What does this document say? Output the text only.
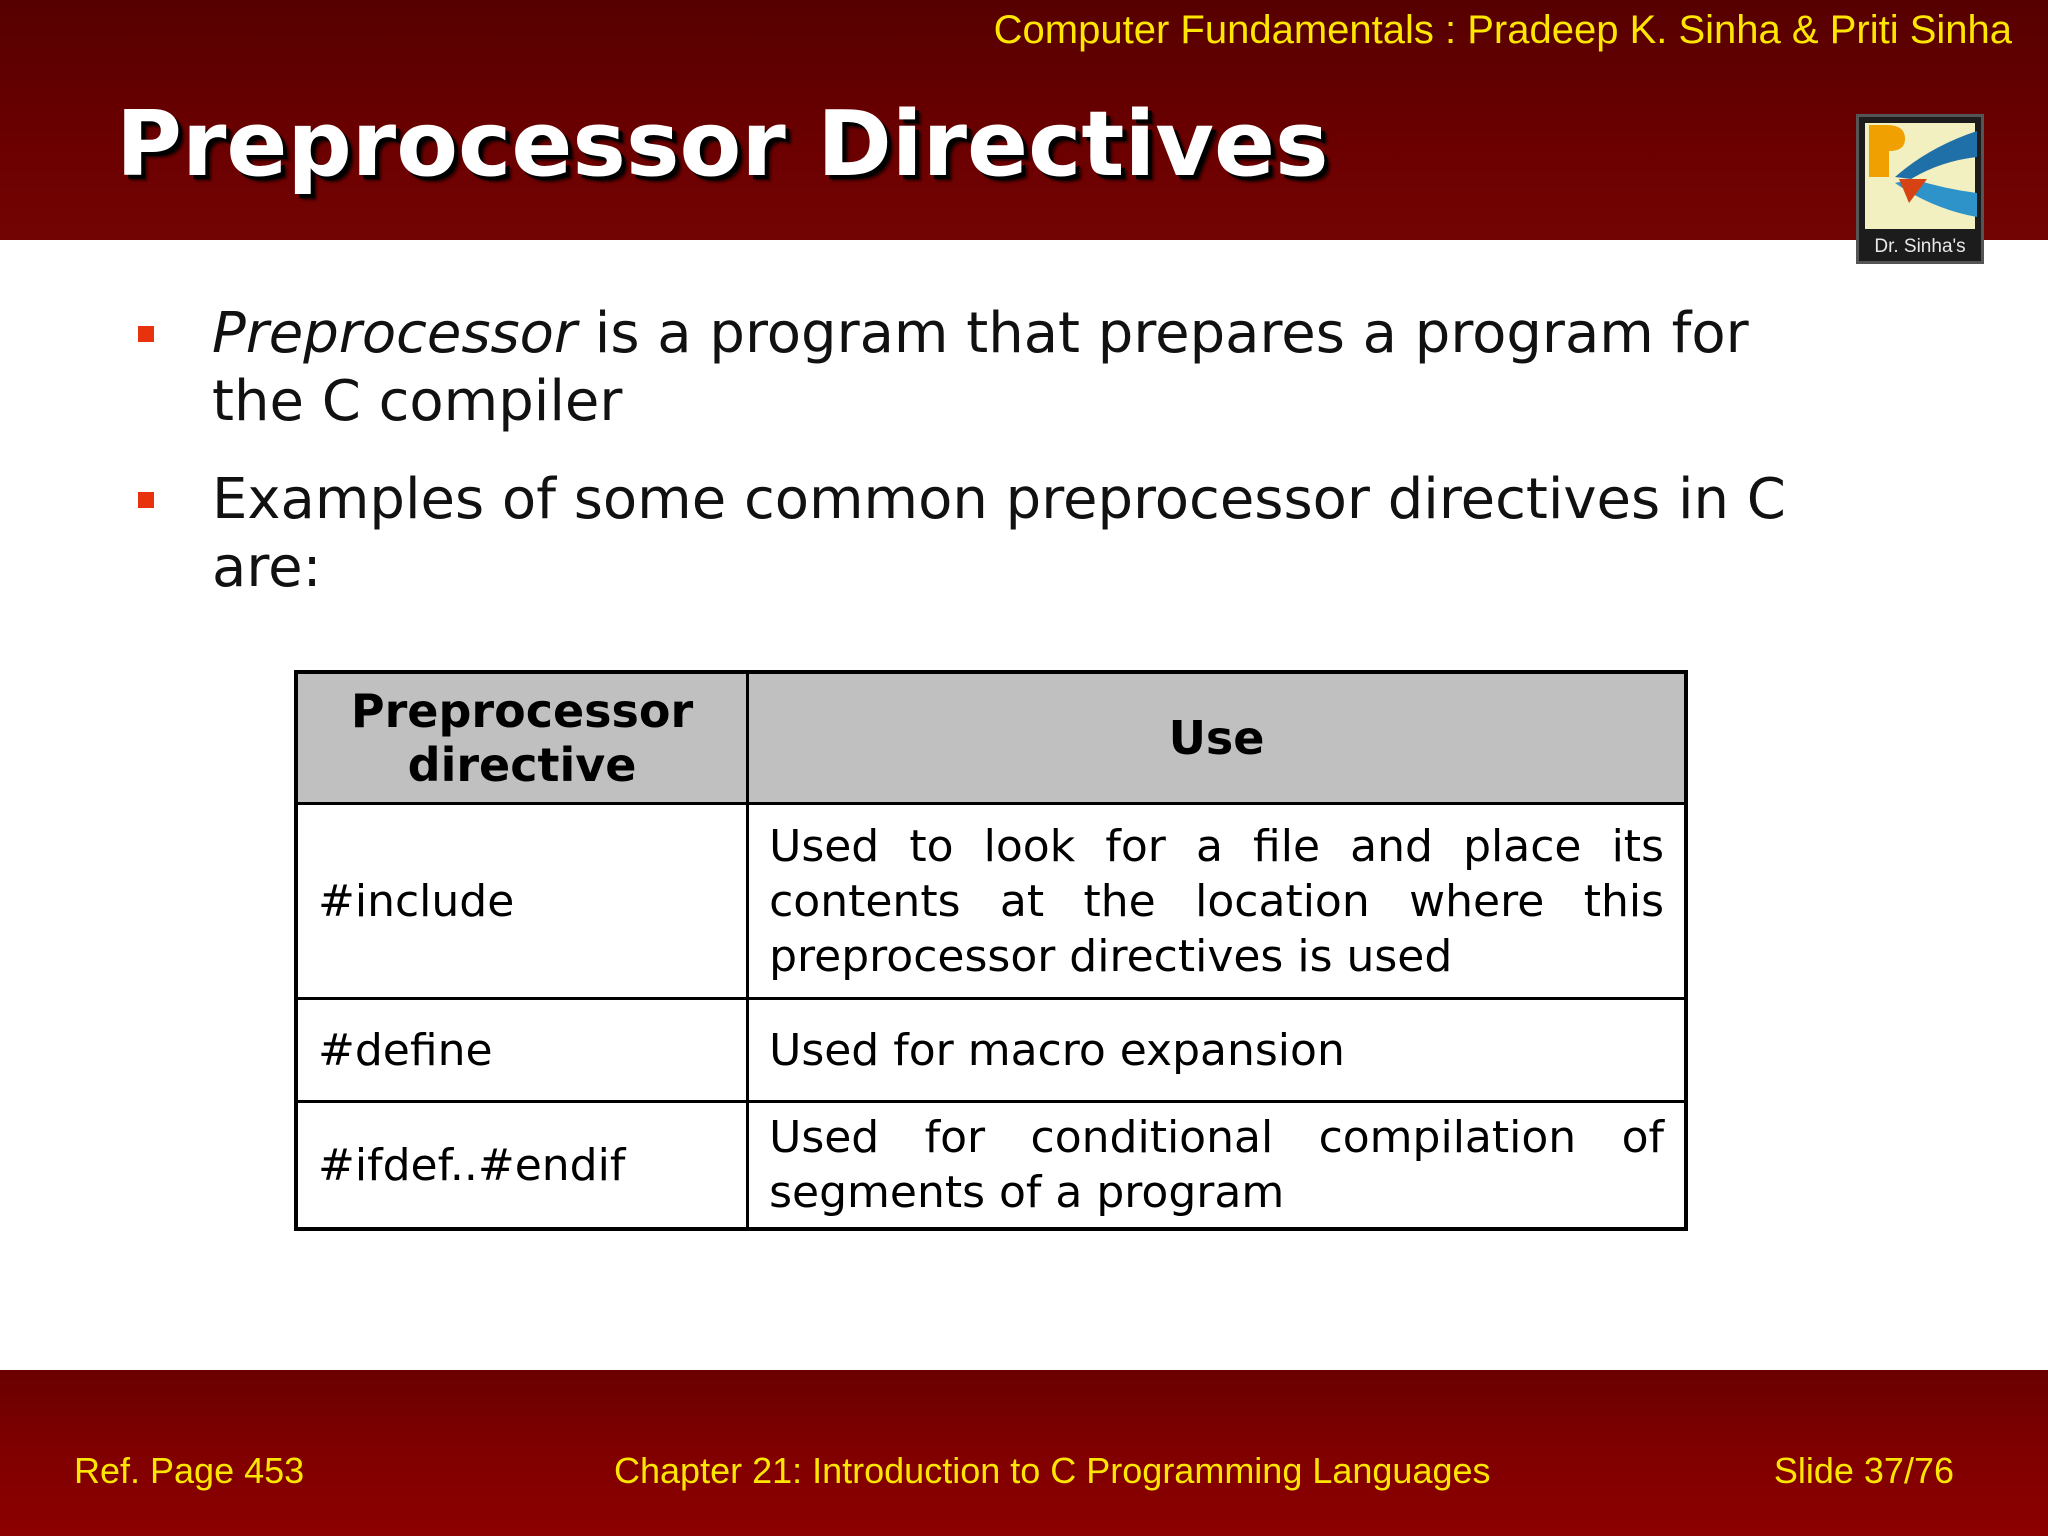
Computer Fundamentals : Pradeep K. Sinha & Priti Sinha
Preprocessor Directives
Dr. Sinha's
Preprocessor is a program that prepares a program for the C compiler
Examples of some common preprocessor directives in C are:
Preprocessor directive	Use
#include	Used to look for a file and place its contents at the location where this preprocessor directives is used
#define	Used for macro expansion
#ifdef..#endif	Used for conditional compilation of segments of a program
Ref. Page 453	Chapter 21: Introduction to C Programming Languages	Slide 37/76
